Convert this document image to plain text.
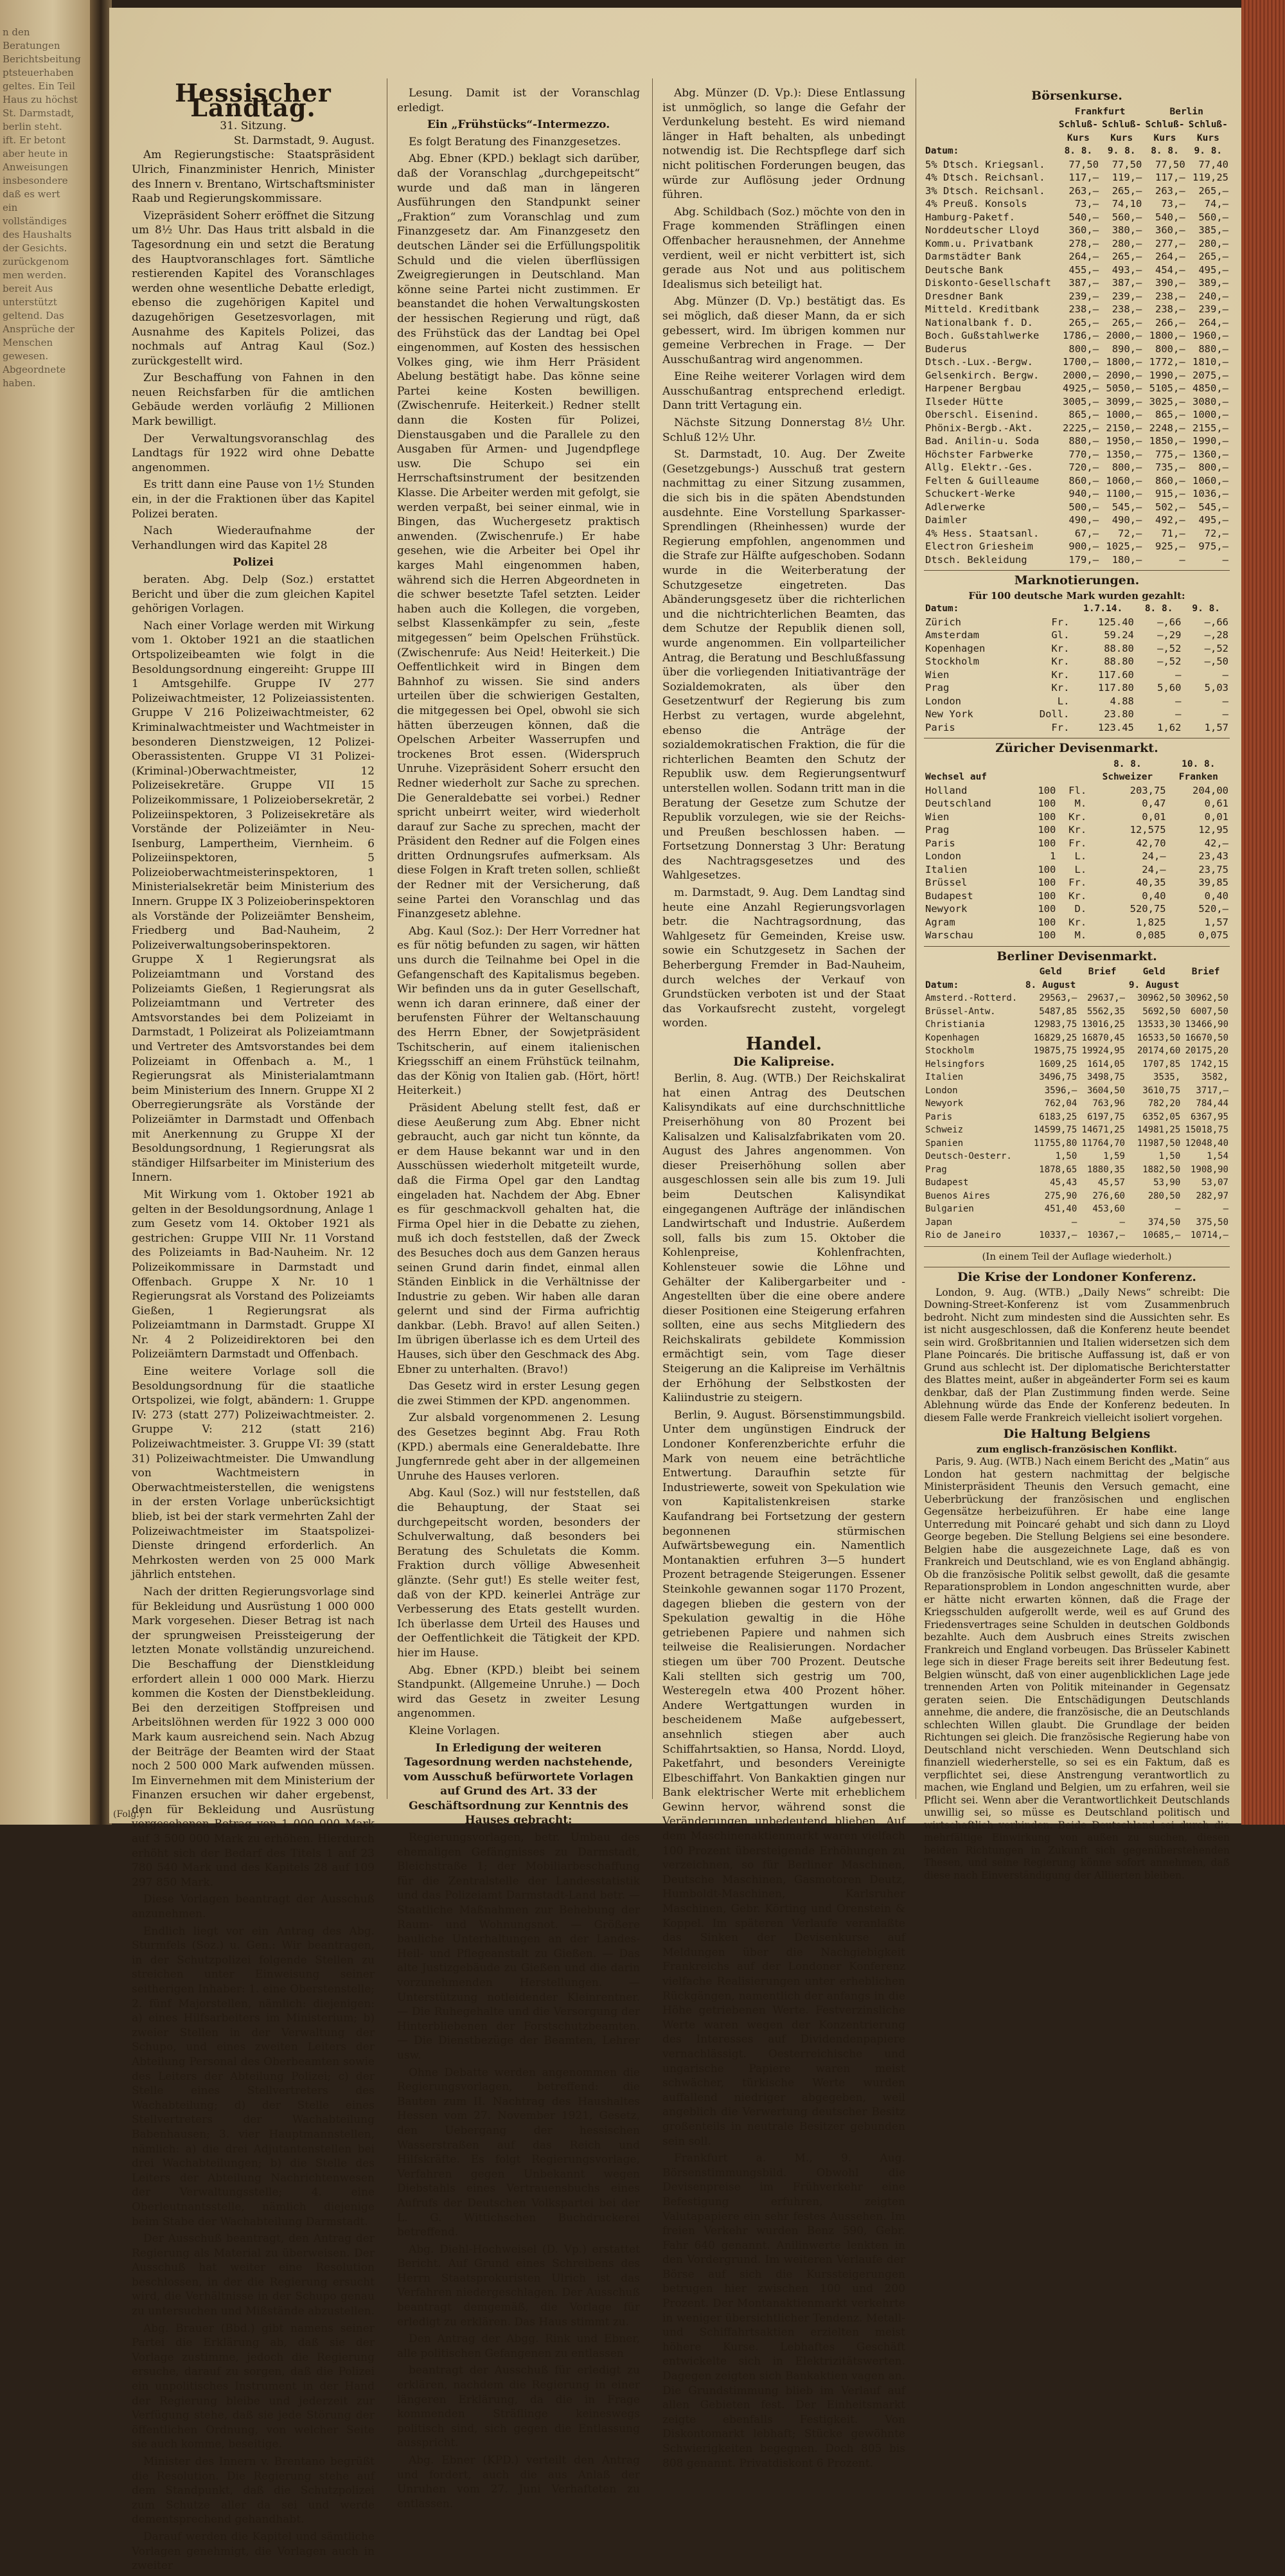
n den Beratungen
Berichtsbeitung
ptsteuerhaben
geltes. Ein Teil
Haus zu höchst
St. Darmstadt,
berlin steht.
ift. Er betont
aber heute in
Anweisungen
insbesondere
daß es wert
ein vollständiges
des Haushalts
der Gesichts.
zurückgenom
men werden.
bereit Aus
unterstützt
geltend. Das
Ansprüche der
Menschen
gewesen.
Abgeordnete
haben.
Hessischer Landtag.
31. Sitzung.
St. Darmstadt, 9. August.

Am Regierungstische: Staatspräsident Ulrich, Finanzminister Henrich, Minister des Innern v. Brentano, Wirtschaftsminister Raab und Regierungskommissare.

Vizepräsident Soherr eröffnet die Sitzung um 8½ Uhr. Das Haus tritt alsbald in die Tagesordnung ein und setzt die Beratung des Hauptvoranschlages fort. Sämtliche restierenden Kapitel des Voranschlages werden ohne wesentliche Debatte erledigt, ebenso die zugehörigen Kapitel und dazugehörigen Gesetzesvorlagen, mit Ausnahme des Kapitels Polizei, das nochmals auf Antrag Kaul (Soz.) zurückgestellt wird.

Zur Beschaffung von Fahnen in den neuen Reichsfarben für die amtlichen Gebäude werden vorläufig 2 Millionen Mark bewilligt.

Der Verwaltungsvoranschlag des Landtags für 1922 wird ohne Debatte angenommen.

Es tritt dann eine Pause von 1½ Stunden ein, in der die Fraktionen über das Kapitel Polizei beraten.

Nach Wiederaufnahme der Verhandlungen wird das Kapitel 28

Polizei

beraten. Abg. Delp (Soz.) erstattet Bericht und über die zum gleichen Kapitel gehörigen Vorlagen.

Nach einer Vorlage werden mit Wirkung vom 1. Oktober 1921 an die staatlichen Ortspolizeibeamten wie folgt in die Besoldungsordnung eingereiht: Gruppe III 1 Amtsgehilfe. Gruppe IV 277 Polizeiwachtmeister, 12 Polizeiassistenten. Gruppe V 216 Polizeiwachtmeister, 62 Kriminalwachtmeister und Wachtmeister in besonderen Dienstzweigen, 12 Polizei-Oberassistenten. Gruppe VI 31 Polizei-(Kriminal-)Oberwachtmeister, 12 Polizeisekretäre. Gruppe VII 15 Polizeikommissare, 1 Polizeiobersekretär, 2 Polizeiinspektoren, 3 Polizeisekretäre als Vorstände der Polizeiämter in Neu-Isenburg, Lampertheim, Viernheim. 6 Polizeiinspektoren, 5 Polizeioberwachtmeisterinspektoren, 1 Ministerialsekretär beim Ministerium des Innern. Gruppe IX 3 Polizeioberinspektoren als Vorstände der Polizeiämter Bensheim, Friedberg und Bad-Nauheim, 2 Polizeiverwaltungsoberinspektoren. Gruppe X 1 Regierungsrat als Polizeiamtmann und Vorstand des Polizeiamts Gießen, 1 Regierungsrat als Polizeiamtmann und Vertreter des Amtsvorstandes bei dem Polizeiamt in Darmstadt, 1 Polizeirat als Polizeiamtmann und Vertreter des Amtsvorstandes bei dem Polizeiamt in Offenbach a. M., 1 Regierungsrat als Ministerialamtmann beim Ministerium des Innern. Gruppe XI 2 Oberregierungsräte als Vorstände der Polizeiämter in Darmstadt und Offenbach mit Anerkennung zu Gruppe XI der Besoldungsordnung, 1 Regierungsrat als ständiger Hilfsarbeiter im Ministerium des Innern.

Mit Wirkung vom 1. Oktober 1921 ab gelten in der Besoldungsordnung, Anlage 1 zum Gesetz vom 14. Oktober 1921 als gestrichen: Gruppe VIII Nr. 11 Vorstand des Polizeiamts in Bad-Nauheim. Nr. 12 Polizeikommissare in Darmstadt und Offenbach. Gruppe X Nr. 10 1 Regierungsrat als Vorstand des Polizeiamts Gießen, 1 Regierungsrat als Polizeiamtmann in Darmstadt. Gruppe XI Nr. 4 2 Polizeidirektoren bei den Polizeiämtern Darmstadt und Offenbach.

Eine weitere Vorlage soll die Besoldungsordnung für die staatliche Ortspolizei, wie folgt, abändern: 1. Gruppe IV: 273 (statt 277) Polizeiwachtmeister. 2. Gruppe V: 212 (statt 216) Polizeiwachtmeister. 3. Gruppe VI: 39 (statt 31) Polizeiwachtmeister. Die Umwandlung von Wachtmeistern in Oberwachtmeisterstellen, die wenigstens in der ersten Vorlage unberücksichtigt blieb, ist bei der stark vermehrten Zahl der Polizeiwachtmeister im Staatspolizei-Dienste dringend erforderlich. An Mehrkosten werden von 25 000 Mark jährlich entstehen.

Nach der dritten Regierungsvorlage sind für Bekleidung und Ausrüstung 1 000 000 Mark vorgesehen. Dieser Betrag ist nach der sprungweisen Preissteigerung der letzten Monate vollständig unzureichend. Die Beschaffung der Dienstkleidung erfordert allein 1 000 000 Mark. Hierzu kommen die Kosten der Dienstbekleidung. Bei den derzeitigen Stoffpreisen und Arbeitslöhnen werden für 1922 3 000 000 Mark kaum ausreichend sein. Nach Abzug der Beiträge der Beamten wird der Staat noch 2 500 000 Mark aufwenden müssen. Im Einvernehmen mit dem Ministerium der Finanzen ersuchen wir daher ergebenst, den für Bekleidung und Ausrüstung vorgesehenen Betrag von 1 000 000 Mark auf 3 500 000 Mark zu erhöhen. Hierdurch erhöht sich der Bedarf des Titels 1 auf 23 780 540 Mark und des Kapitels 28 auf 109 297 850 Mark.

Diese Vorlagen beantragt der Ausschuß anzunehmen.

Endlich liegt vor ein Antrag des Abg. Sturmfels (Soz.) u. Gen.: Wir beantragen, in der Schutzpolizei folgende Stellen zu streichen unter Einweisung seiner seitherigen Inhaber: 1. eine Oberstenstelle; 2. fünf Majorstellen, nämlich: diejenigen: a) eines Hilfsarbeiters im Ministerium; b) zweier Stellen in der Verwaltung der Schupo, und eines zweiten Leiters der Abteilung Personal des Oberbeamten sowie des Leiters der Abteilung Polizei; c) der Stelle eines Stellvertreters des Wachabteilung; d) der Stelle eines Stellvertreters der Wachabteilung Babenhausen; 3. vier Hauptmannstellen, nämlich: a) die drei Adjutantenstellen bei drei Wachabteilungen; b) die Stelle des Leiters der Abteilung Nachrichtenwesen der Verwaltungsstelle; 4. eine Oberleutnantsstelle, nämlich diejenige beim Stabe der Wachabteilung Darmstadt.

Der Ausschuß beantragt, den Antrag der Regierung als Material zu überweisen. Der Ausschuß hat weiter eine Resolution beschlossen, in der die Regierung ersucht wird, die Verhältnisse in der Schupo genau zu untersuchen und Mißstände abzustellen.

Abg. Brauer (Bbd.) gibt namens seiner Partei die Erklärung ab, daß sie der Vorlage zustimme, jedoch die Regierung ersuche, darauf zu sorgen, daß die Polizei ein unpolitisches Instrument in der Hand der Regierung bleibe und jederzeit zur Verfügung stehe, daß sie jede Störung der öffentlichen Ordnung, von welcher Seite sie auch komme, beseitige.

Minister des Innern v. Brentano begrüßt die Resolution. Die Regierung stehe auf dem Standpunkt, daß die Schutzpolizei zum Schutze aller da sei und werde dementsprechend gehandhabt.

Darauf werden die Kapitel und sämtliche Vorlagen genehmigt, die Vorlagen auch in zweiter

Lesung. Damit ist der Voranschlag erledigt.

Ein „Frühstücks“-Intermezzo.

Es folgt Beratung des Finanzgesetzes.

Abg. Ebner (KPD.) beklagt sich darüber, daß der Voranschlag „durchgepeitscht“ wurde und daß man in längeren Ausführungen den Standpunkt seiner „Fraktion“ zum Voranschlag und zum Finanzgesetz dar. Am Finanzgesetz den deutschen Länder sei die Erfüllungspolitik Schuld und die vielen überflüssigen Zweigregierungen in Deutschland. Man könne seine Partei nicht zustimmen. Er beanstandet die hohen Verwaltungskosten der hessischen Regierung und rügt, daß des Frühstück das der Landtag bei Opel eingenommen, auf Kosten des hessischen Volkes ging, wie ihm Herr Präsident Abelung bestätigt habe. Das könne seine Partei keine Kosten bewilligen. (Zwischenrufe. Heiterkeit.) Redner stellt dann die Kosten für Polizei, Dienstausgaben und die Parallele zu den Ausgaben für Armen- und Jugendpflege usw. Die Schupo sei ein Herrschaftsinstrument der besitzenden Klasse. Die Arbeiter werden mit gefolgt, sie werden verpaßt, bei seiner einmal, wie in Bingen, das Wuchergesetz praktisch anwenden. (Zwischenrufe.) Er habe gesehen, wie die Arbeiter bei Opel ihr karges Mahl eingenommen haben, während sich die Herren Abgeordneten in die schwer besetzte Tafel setzten. Leider haben auch die Kollegen, die vorgeben, selbst Klassenkämpfer zu sein, „feste mitgegessen“ beim Opelschen Frühstück. (Zwischenrufe: Aus Neid! Heiterkeit.) Die Oeffentlichkeit wird in Bingen dem Bahnhof zu wissen. Sie sind anders urteilen über die schwierigen Gestalten, die mitgegessen bei Opel, obwohl sie sich hätten überzeugen können, daß die Opelschen Arbeiter Wasserrupfen und trockenes Brot essen. (Widerspruch Unruhe. Vizepräsident Soherr ersucht den Redner wiederholt zur Sache zu sprechen. Die Generaldebatte sei vorbei.) Redner spricht unbeirrt weiter, wird wiederholt darauf zur Sache zu sprechen, macht der Präsident den Redner auf die Folgen eines dritten Ordnungsrufes aufmerksam. Als diese Folgen in Kraft treten sollen, schließt der Redner mit der Versicherung, daß seine Partei den Voranschlag und das Finanzgesetz ablehne.

Abg. Kaul (Soz.): Der Herr Vorredner hat es für nötig befunden zu sagen, wir hätten uns durch die Teilnahme bei Opel in die Gefangenschaft des Kapitalismus begeben. Wir befinden uns da in guter Gesellschaft, wenn ich daran erinnere, daß einer der berufensten Führer der Weltanschauung des Herrn Ebner, der Sowjetpräsident Tschitscherin, auf einem italienischen Kriegsschiff an einem Frühstück teilnahm, das der König von Italien gab. (Hört, hört! Heiterkeit.)

Präsident Abelung stellt fest, daß er diese Aeußerung zum Abg. Ebner nicht gebraucht, auch gar nicht tun könnte, da er dem Hause bekannt war und in den Ausschüssen wiederholt mitgeteilt wurde, daß die Firma Opel gar den Landtag eingeladen hat. Nachdem der Abg. Ebner es für geschmackvoll gehalten hat, die Firma Opel hier in die Debatte zu ziehen, muß ich doch feststellen, daß der Zweck des Besuches doch aus dem Ganzen heraus seinen Grund darin findet, einmal allen Ständen Einblick in die Verhältnisse der Industrie zu geben. Wir haben alle daran gelernt und sind der Firma aufrichtig dankbar. (Lebh. Bravo! auf allen Seiten.) Im übrigen überlasse ich es dem Urteil des Hauses, sich über den Geschmack des Abg. Ebner zu unterhalten. (Bravo!)

Das Gesetz wird in erster Lesung gegen die zwei Stimmen der KPD. angenommen.

Zur alsbald vorgenommenen 2. Lesung des Gesetzes beginnt Abg. Frau Roth (KPD.) abermals eine Generaldebatte. Ihre Jungfernrede geht aber in der allgemeinen Unruhe des Hauses verloren.

Abg. Kaul (Soz.) will nur feststellen, daß die Behauptung, der Staat sei durchgepeitscht worden, besonders der Schulverwaltung, daß besonders bei Beratung des Schuletats die Komm. Fraktion durch völlige Abwesenheit glänzte. (Sehr gut!) Es stelle weiter fest, daß von der KPD. keinerlei Anträge zur Verbesserung des Etats gestellt wurden. Ich überlasse dem Urteil des Hauses und der Oeffentlichkeit die Tätigkeit der KPD. hier im Hause.

Abg. Ebner (KPD.) bleibt bei seinem Standpunkt. (Allgemeine Unruhe.) — Doch wird das Gesetz in zweiter Lesung angenommen.

Kleine Vorlagen.

In Erledigung der weiteren Tagesordnung werden nachstehende, vom Ausschuß befürwortete Vorlagen auf Grund des Art. 33 der Geschäftsordnung zur Kenntnis des Hauses gebracht:

Regierungsvorlagen, betr. Umbau des ehemaligen Gefängnisses zu Darmstadt, Bleichstraße 1; der Mobiliarbeschaffung für die Zentralstelle der Landesstatistik und das Polizeiamt Darmstadt-Land betr. — Staatliche Maßnahmen zur Behebung der Raum- und Wohnungsnot. — Größere bauliche Unterhaltungen an der Landes-Heil- und Pflegeanstalt zu Gießen. — Das alte Justizgebäude zu Gießen und die darin vorzunehmenden Herstellungen. — Unterstützung notleidender Kleinrentner. — Die Ruhegehalte und die Versorgung der Hinterbliebenen der Forstschutzbeamten. — Die Dienstbezüge der Beamten, Lehrer usw.

Ohne Debatte werden angenommen die Regierungsvorlagen, betreffend: die Bauten zum II. Nachtrag des Haushaltes Hessen vom 27. November 1921, Gesetz, den Uebergang der hessischen Wasserstraßen auf das Reich und Hilfskräfte. Es folgt Regierungsvorlage, Verfahren gegen Unbekannt wegen Diebstahls eines Vertrauensbuchs eines Aufrufs der Deutschen Volkspartei bei der L. G. Wittichschen Buchdruckerei betreffend.

Abg. Diehl-Hochweisel (D. Vp.) erstattet Bericht. Auf Grund eines Schreibens des Herrn Staatsprokuristen Ulrich ist das Verfahren niedergeschlagen. Der Ausschuß beantragt demgemäß, die Vorlage für erledigt zu erklären. Das Haus stimmt zu.

Den Antrag der Abgg. Rink und Ebner, alle politischen Gefangenen zu entlassen

beantragt der Ausschuß für erledigt zu erklären, nachdem die Regierung in einer längeren Erklärung, da die in Frage kommenden Sträflinge keineswegs politisch sind, sich gegen die Entlassung ausspricht.

Abg. Ebner (KPD.) verteilt den Antrag und fordert, auch die aus Anlaß der Unruhen vom 27. Juni Verhafteten zu entlassen.

Abg. Münzer (D. Vp.): Diese Entlassung ist unmöglich, so lange die Gefahr der Verdunkelung besteht. Es wird niemand länger in Haft behalten, als unbedingt notwendig ist. Die Rechtspflege darf sich nicht politischen Forderungen beugen, das würde zur Auflösung jeder Ordnung führen.

Abg. Schildbach (Soz.) möchte von den in Frage kommenden Sträflingen einen Offenbacher herausnehmen, der Annehme verdient, weil er nicht verbittert ist, sich gerade aus Not und aus politischem Idealismus sich beteiligt hat.

Abg. Münzer (D. Vp.) bestätigt das. Es sei möglich, daß dieser Mann, da er sich gebessert, wird. Im übrigen kommen nur gemeine Verbrechen in Frage. — Der Ausschußantrag wird angenommen.

Eine Reihe weiterer Vorlagen wird dem Ausschußantrag entsprechend erledigt. Dann tritt Vertagung ein.

Nächste Sitzung Donnerstag 8½ Uhr. Schluß 12½ Uhr.

St. Darmstadt, 10. Aug. Der Zweite (Gesetzgebungs-) Ausschuß trat gestern nachmittag zu einer Sitzung zusammen, die sich bis in die späten Abendstunden ausdehnte. Eine Vorstellung Sparkasser-Sprendlingen (Rheinhessen) wurde der Regierung empfohlen, angenommen und die Strafe zur Hälfte aufgeschoben. Sodann wurde in die Weiterberatung der Schutzgesetze eingetreten. Das Abänderungsgesetz über die richterlichen und die nichtrichterlichen Beamten, das dem Schutze der Republik dienen soll, wurde angenommen. Ein vollparteilicher Antrag, die Beratung und Beschlußfassung über die vorliegenden Initiativanträge der Sozialdemokraten, als über den Gesetzentwurf der Regierung bis zum Herbst zu vertagen, wurde abgelehnt, ebenso die Anträge der sozialdemokratischen Fraktion, die für die richterlichen Beamten den Schutz der Republik usw. dem Regierungsentwurf unterstellen wollen. Sodann tritt man in die Beratung der Gesetze zum Schutze der Republik vorzulegen, wie sie der Reichs- und Preußen beschlossen haben. — Fortsetzung Donnerstag 3 Uhr: Beratung des Nachtragsgesetzes und des Wahlgesetzes.

m. Darmstadt, 9. Aug. Dem Landtag sind heute eine Anzahl Regierungsvorlagen betr. die Nachtragsordnung, das Wahlgesetz für Gemeinden, Kreise usw. sowie ein Schutzgesetz in Sachen der Beherbergung Fremder in Bad-Nauheim, durch welches der Verkauf von Grundstücken verboten ist und der Staat das Vorkaufsrecht zusteht, vorgelegt worden.

Handel.

Die Kalipreise.

Berlin, 8. Aug. (WTB.) Der Reichskalirat hat einen Antrag des Deutschen Kalisyndikats auf eine durchschnittliche Preiserhöhung von 80 Prozent bei Kalisalzen und Kalisalzfabrikaten vom 20. August des Jahres angenommen. Von dieser Preiserhöhung sollen aber ausgeschlossen sein alle bis zum 19. Juli beim Deutschen Kalisyndikat eingegangenen Aufträge der inländischen Landwirtschaft und Industrie. Außerdem soll, falls bis zum 15. Oktober die Kohlenpreise, Kohlenfrachten, Kohlensteuer sowie die Löhne und Gehälter der Kalibergarbeiter und -Angestellten über die eine obere andere dieser Positionen eine Steigerung erfahren sollten, eine aus sechs Mitgliedern des Reichskalirats gebildete Kommission ermächtigt sein, vom Tage dieser Steigerung an die Kalipreise im Verhältnis der Erhöhung der Selbstkosten der Kaliindustrie zu steigern.

Berlin, 9. August. Börsenstimmungsbild. Unter dem ungünstigen Eindruck der Londoner Konferenzberichte erfuhr die Mark von neuem eine beträchtliche Entwertung. Daraufhin setzte für Industriewerte, soweit von Spekulation wie von Kapitalistenkreisen starke Kaufandrang bei Fortsetzung der gestern begonnenen stürmischen Aufwärtsbewegung ein. Namentlich Montanaktien erfuhren 3—5 hundert Prozent betragende Steigerungen. Essener Steinkohle gewannen sogar 1170 Prozent, dagegen blieben die gestern von der Spekulation gewaltig in die Höhe getriebenen Papiere und nahmen sich teilweise die Realisierungen. Nordacher stiegen um über 700 Prozent. Deutsche Kali stellten sich gestrig um 700, Westeregeln etwa 400 Prozent höher. Andere Wertgattungen wurden in bescheidenem Maße aufgebessert, ansehnlich stiegen aber auch Schiffahrtsaktien, so Hansa, Nordd. Lloyd, Paketfahrt, und besonders Vereinigte Elbeschiffahrt. Von Bankaktien gingen nur Bank elektrischer Werte mit erheblichem Gewinn hervor, während sonst die Veränderungen unbedeutend blieben. Auf dem Maschinenaktienmarkt waren vielfach 100 Prozent übersteigende Erhöhungen zu verzeichnen, so für Berliner Maschinen, Deutsche Maschinen, Gasmotoren Deutz, Humboldt-Maschinen, Karlsruher Maschinen, Gebr. Körting und Orenstein & Koppel. Im späteren Verlaufe veranlaßte das Sinken der Devisenkurse auf Meldungen über die Nachgiebigkeit Frankreichs auf der Londoner Konferenz vielfache Realisierungen unter erheblichen Rückgängen, namentlich der anfangs in die Höhe getriebenen Werte. Festverzinsliche Werte waren wegen der Konzentrierung des Interesses auf Dividendenpapiere vernachlässigt. Oesterreichische und ungarische Papiere waren meist schwächer, türkische Werte wurden auffallend niedriger abgegeben, weil angeblich die Verwertung deutscher Besitz großenteils in neutrale Besitzer gebunden sein soll.

Frankfurt a. M., 9. Aug. Börsenstimmungsbild. Obwohl die Devisenpreise im Frühverkehr eine Befestigung erfuhren, zeigten Valutapapiere ein sehr festes Aussehen. Im freien Verkehr wurden Benz 590, Gebr. Fahr 640 genannt. Anilinwerte lenkten in den Vordergrund. Im weiteren Verlaufe der Börse auf sich die Kurssteigerungen betrugen hier zwischen 100 und 200 Prozent. Der Montanaktienmarkt verkehrte in weniger übersichtlicher Tendenz. Metall- und Schiffahrtsaktien erzielten meist höhere Kurse. Lebhaftes Geschäft entwickelte sich in Elektrizitätswerten. Dagegen zeigten sich Bankaktien vagen an. Die Grundstimmung blieb im Verlauf auf allen Gebieten fest. Der Einheitsmarkt zeigte ebenfalls Festigkeit. Von Diskontomarkt lebhaft; Stücke gewöhnte Schwierigkeiten begegnen. Doch 805 bis 808 genannt. Privatdiskont 6 Prozent.

Börsenkurse.
	Frankfurt		Berlin	
	Schluß-	Schluß-	Schluß-	Schluß-
	Kurs	Kurs	Kurs	Kurs
Datum:	8. 8.	9. 8.	8. 8.	9. 8.
5% Dtsch. Kriegsanl.	77,50	77,50	77,50	77,40
4% Dtsch. Reichsanl.	117,—	119,—	117,—	119,25
3% Dtsch. Reichsanl.	263,—	265,—	263,—	265,—
4% Preuß. Konsols	73,—	74,10	73,—	74,—
Hamburg-Paketf.	540,—	560,—	540,—	560,—
Norddeutscher Lloyd	360,—	380,—	360,—	385,—
Komm.u. Privatbank	278,—	280,—	277,—	280,—
Darmstädter Bank	264,—	265,—	264,—	265,—
Deutsche Bank	455,—	493,—	454,—	495,—
Diskonto-Gesellschaft	387,—	387,—	390,—	389,—
Dresdner Bank	239,—	239,—	238,—	240,—
Mitteld. Kreditbank	238,—	238,—	238,—	239,—
Nationalbank f. D.	265,—	265,—	266,—	264,—
Boch. Gußstahlwerke	1786,—	2000,—	1800,—	1960,—
Buderus	800,—	890,—	800,—	880,—
Dtsch.-Lux.-Bergw.	1700,—	1800,—	1772,—	1810,—
Gelsenkirch. Bergw.	2000,—	2090,—	1990,—	2075,—
Harpener Bergbau	4925,—	5050,—	5105,—	4850,—
Ilseder Hütte	3005,—	3099,—	3025,—	3080,—
Oberschl. Eisenind.	865,—	1000,—	865,—	1000,—
Phönix-Bergb.-Akt.	2225,—	2150,—	2248,—	2155,—
Bad. Anilin-u. Soda	880,—	1950,—	1850,—	1990,—
Höchster Farbwerke	770,—	1350,—	775,—	1360,—
Allg. Elektr.-Ges.	720,—	800,—	735,—	800,—
Felten & Guilleaume	860,—	1060,—	860,—	1060,—
Schuckert-Werke	940,—	1100,—	915,—	1036,—
Adlerwerke	500,—	545,—	502,—	545,—
Daimler	490,—	490,—	492,—	495,—
4% Hess. Staatsanl.	67,—	72,—	71,—	72,—
Electron Griesheim	900,—	1025,—	925,—	975,—
Dtsch. Bekleidung	179,—	180,—	—	—
Marknotierungen.
Für 100 deutsche Mark wurden gezahlt:
Datum:		1.7.14.	8. 8.	9. 8.
Zürich	Fr.	125.40	—,66	—,66
Amsterdam	Gl.	59.24	—,29	—,28
Kopenhagen	Kr.	88.80	—,52	—,52
Stockholm	Kr.	88.80	—,52	—,50
Wien	Kr.	117.60	—	—
Prag	Kr.	117.80	5,60	5,03
London	L.	4.88	—	—
New York	Doll.	23.80	—	—
Paris	Fr.	123.45	1,62	1,57
Züricher Devisenmarkt.
			8. 8.	10. 8.
Wechsel auf			Schweizer	Franken
Holland	100	Fl.	203,75	204,00
Deutschland	100	M.	0,47	0,61
Wien	100	Kr.	0,01	0,01
Prag	100	Kr.	12,575	12,95
Paris	100	Fr.	42,70	42,—
London	1	L.	24,—	23,43
Italien	100	L.	24,—	23,75
Brüssel	100	Fr.	40,35	39,85
Budapest	100	Kr.	0,40	0,40
Newyork	100	D.	520,75	520,—
Agram	100	Kr.	1,825	1,57
Warschau	100	M.	0,085	0,075
Berliner Devisenmarkt.
	Geld	Brief	Geld	Brief
Datum:	8. August		9. August	
Amsterd.-Rotterd.	29563,—	29637,—	30962,50	30962,50
Brüssel-Antw.	5487,85	5562,35	5692,50	6007,50
Christiania	12983,75	13016,25	13533,30	13466,90
Kopenhagen	16829,25	16870,45	16533,50	16670,50
Stockholm	19875,75	19924,95	20174,60	20175,20
Helsingfors	1609,25	1614,05	1707,85	1742,15
Italien	3496,75	3498,75	3535,	3582,
London	3596,—	3604,50	3610,75	3717,—
Newyork	762,04	763,96	782,20	784,44
Paris	6183,25	6197,75	6352,05	6367,95
Schweiz	14599,75	14671,25	14981,25	15018,75
Spanien	11755,80	11764,70	11987,50	12048,40
Deutsch-Oesterr.	1,50	1,59	1,50	1,54
Prag	1878,65	1880,35	1882,50	1908,90
Budapest	45,43	45,57	53,90	53,07
Buenos Aires	275,90	276,60	280,50	282,97
Bulgarien	451,40	453,60	—	—
Japan	—	—	374,50	375,50
Rio de Janeiro	10337,—	10367,—	10685,—	10714,—
(In einem Teil der Auflage wiederholt.)
Die Krise der Londoner Konferenz.

London, 9. Aug. (WTB.) „Daily News“ schreibt: Die Downing-Street-Konferenz ist vom Zusammenbruch bedroht. Nicht zum mindesten sind die Aussichten sehr. Es ist nicht ausgeschlossen, daß die Konferenz heute beendet sein wird. Großbritannien und Italien widersetzen sich dem Plane Poincarés. Die britische Auffassung ist, daß er von Grund aus schlecht ist. Der diplomatische Berichterstatter des Blattes meint, außer in abgeänderter Form sei es kaum denkbar, daß der Plan Zustimmung finden werde. Seine Ablehnung würde das Ende der Konferenz bedeuten. In diesem Falle werde Frankreich vielleicht isoliert vorgehen.

Die Haltung Belgiens
zum englisch-französischen Konflikt.

Paris, 9. Aug. (WTB.) Nach einem Bericht des „Matin“ aus London hat gestern nachmittag der belgische Ministerpräsident Theunis den Versuch gemacht, eine Ueberbrückung der französischen und englischen Gegensätze herbeizuführen. Er habe eine lange Unterredung mit Poincaré gehabt und sich dann zu Lloyd George begeben. Die Stellung Belgiens sei eine besondere. Belgien habe die ausgezeichnete Lage, daß es von Frankreich und Deutschland, wie es von England abhängig. Ob die französische Politik selbst gewollt, daß die gesamte Reparationsproblem in London angeschnitten wurde, aber er hätte nicht erwarten können, daß die Frage der Kriegsschulden aufgerollt werde, weil es auf Grund des Friedensvertrages seine Schulden in deutschen Goldbonds bezahlte. Auch dem Ausbruch eines Streits zwischen Frankreich und England vorbeugen. Das Brüsseler Kabinett lege sich in dieser Frage bereits seit ihrer Bedeutung fest. Belgien wünscht, daß von einer augenblicklichen Lage jede trennenden Arten von Politik miteinander in Gegensatz geraten seien. Die Entschädigungen Deutschlands annehme, die andere, die französische, die an Deutschlands schlechten Willen glaubt. Die Grundlage der beiden Richtungen sei gleich. Die französische Regierung habe von Deutschland nicht verschieden. Wenn Deutschland sich finanziell wiederherstelle, so sei es ein Faktum, daß es verpflichtet sei, diese Anstrengung verantwortlich zu machen, wie England und Belgien, um zu erfahren, weil sie Pflicht sei. Wenn aber die Verantwortlichkeit Deutschlands unwillig sei, so müsse es Deutschland politisch und wirtschaftlich verbinden. Beide Deutschland sei durch die mehrfältige Einwirkung von außen zu suchen, diesen beiden Richtungen in Zukunft sich gegenüberstehenden Thesen, und seine Regierung könne sofort annehmen, daß diese nach Einverständigung der Alliierten bleiben.

(Folg.)
